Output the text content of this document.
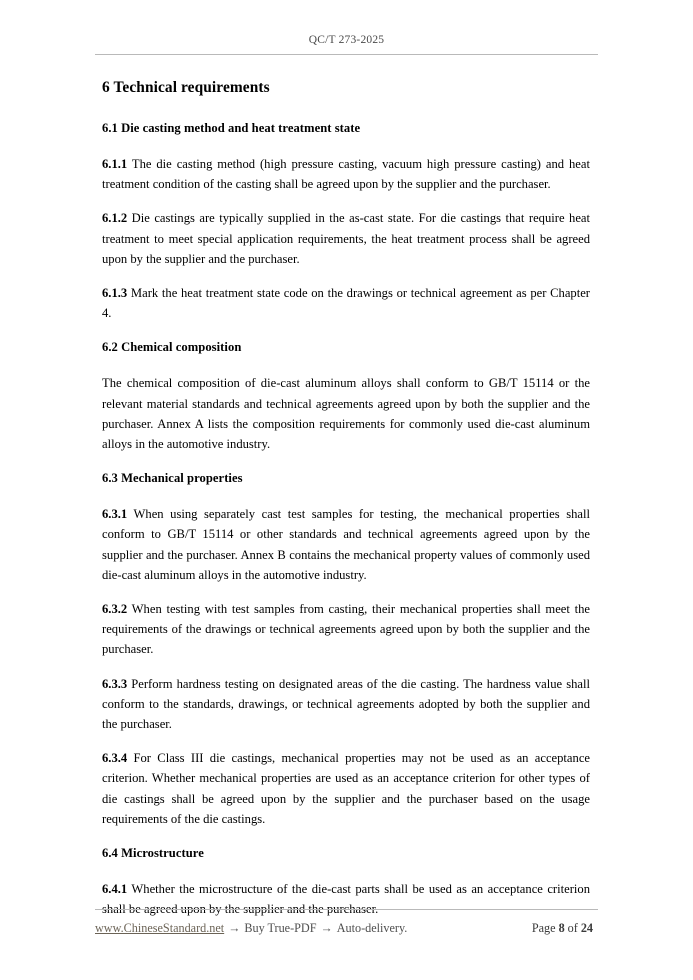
QC/T 273-2025
6 Technical requirements
6.1 Die casting method and heat treatment state

6.1.1 The die casting method (high pressure casting, vacuum high pressure casting) and heat treatment condition of the casting shall be agreed upon by the supplier and the purchaser.

6.1.2 Die castings are typically supplied in the as-cast state. For die castings that require heat treatment to meet special application requirements, the heat treatment process shall be agreed upon by the supplier and the purchaser.

6.1.3 Mark the heat treatment state code on the drawings or technical agreement as per Chapter 4.

6.2 Chemical composition

The chemical composition of die-cast aluminum alloys shall conform to GB/T 15114 or the relevant material standards and technical agreements agreed upon by both the supplier and the purchaser. Annex A lists the composition requirements for commonly used die-cast aluminum alloys in the automotive industry.

6.3 Mechanical properties

6.3.1 When using separately cast test samples for testing, the mechanical properties shall conform to GB/T 15114 or other standards and technical agreements agreed upon by the supplier and the purchaser. Annex B contains the mechanical property values of commonly used die-cast aluminum alloys in the automotive industry.

6.3.2 When testing with test samples from casting, their mechanical properties shall meet the requirements of the drawings or technical agreements agreed upon by both the supplier and the purchaser.

6.3.3 Perform hardness testing on designated areas of the die casting. The hardness value shall conform to the standards, drawings, or technical agreements adopted by both the supplier and the purchaser.

6.3.4 For Class III die castings, mechanical properties may not be used as an acceptance criterion. Whether mechanical properties are used as an acceptance criterion for other types of die castings shall be agreed upon by the supplier and the purchaser based on the usage requirements of the die castings.

6.4 Microstructure

6.4.1 Whether the microstructure of the die-cast parts shall be used as an acceptance criterion shall be agreed upon by the supplier and the purchaser.

www.ChineseStandard.net → Buy True-PDF → Auto-delivery.	Page 8 of 24
